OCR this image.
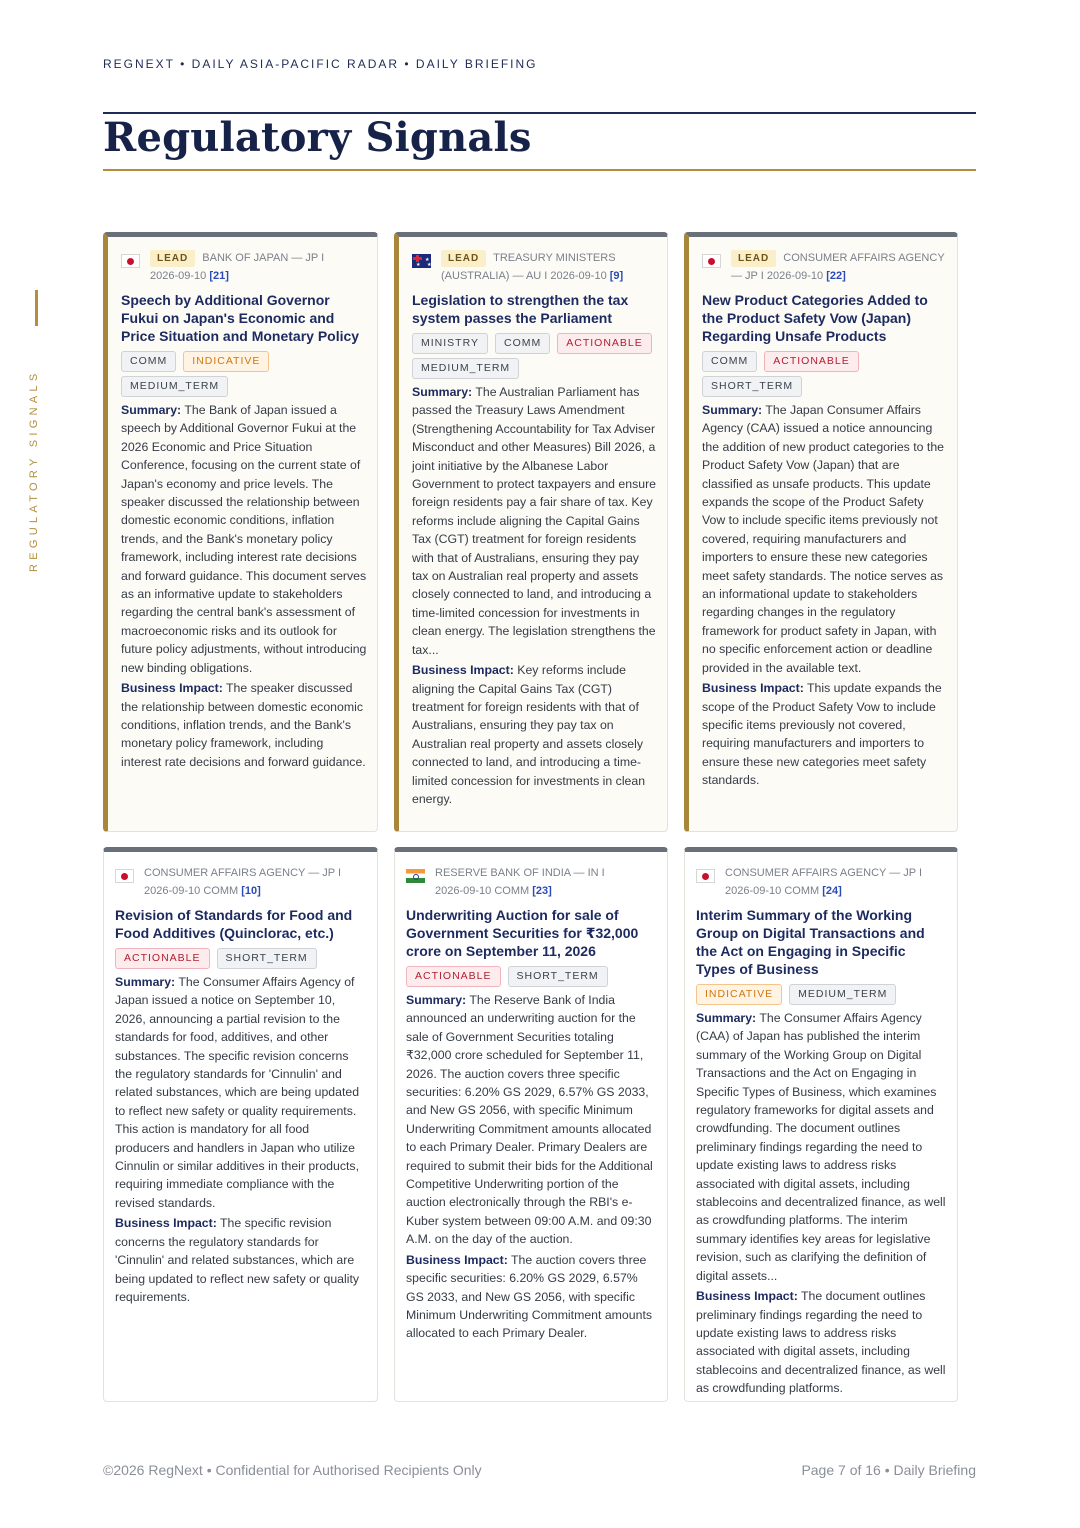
REGNEXT • DAILY ASIA-PACIFIC RADAR • DAILY BRIEFING
Regulatory Signals
REGULATORY SIGNALS
LEAD BANK OF JAPAN — JP I
2026-09-10 [21]
Speech by Additional Governor Fukui on Japan's Economic and Price Situation and Monetary Policy
COMM	INDICATIVE
MEDIUM_TERM

Summary: The Bank of Japan issued a speech by Additional Governor Fukui at the 2026 Economic and Price Situation Conference, focusing on the current state of Japan's economy and price levels. The speaker discussed the relationship between domestic economic conditions, inflation trends, and the Bank's monetary policy framework, including interest rate decisions and forward guidance. This document serves as an informative update to stakeholders regarding the central bank's assessment of macroeconomic risks and its outlook for future policy adjustments, without introducing new binding obligations.

Business Impact: The speaker discussed the relationship between domestic economic conditions, inflation trends, and the Bank's monetary policy framework, including interest rate decisions and forward guidance.

★
★
★
LEAD TREASURY MINISTERS (AUSTRALIA) — AU I 2026-09-10 [9]
Legislation to strengthen the tax system passes the Parliament
MINISTRY	COMM	ACTIONABLE
MEDIUM_TERM

Summary: The Australian Parliament has passed the Treasury Laws Amendment (Strengthening Accountability for Tax Adviser Misconduct and other Measures) Bill 2026, a joint initiative by the Albanese Labor Government to protect taxpayers and ensure foreign residents pay a fair share of tax. Key reforms include aligning the Capital Gains Tax (CGT) treatment for foreign residents with that of Australians, ensuring they pay tax on Australian real property and assets closely connected to land, and introducing a time-limited concession for investments in clean energy. The legislation strengthens the tax...

Business Impact: Key reforms include aligning the Capital Gains Tax (CGT) treatment for foreign residents with that of Australians, ensuring they pay tax on Australian real property and assets closely connected to land, and introducing a time-limited concession for investments in clean energy.

LEAD CONSUMER AFFAIRS AGENCY — JP I 2026-09-10 [22]
New Product Categories Added to the Product Safety Vow (Japan) Regarding Unsafe Products
COMM	ACTIONABLE
SHORT_TERM

Summary: The Japan Consumer Affairs Agency (CAA) issued a notice announcing the addition of new product categories to the Product Safety Vow (Japan) that are classified as unsafe products. This update expands the scope of the Product Safety Vow to include specific items previously not covered, requiring manufacturers and importers to ensure these new categories meet safety standards. The notice serves as an informational update to stakeholders regarding changes in the regulatory framework for product safety in Japan, with no specific enforcement action or deadline provided in the available text.

Business Impact: This update expands the scope of the Product Safety Vow to include specific items previously not covered, requiring manufacturers and importers to ensure these new categories meet safety standards.

CONSUMER AFFAIRS AGENCY — JP I
2026-09-10 COMM [10]
Revision of Standards for Food and Food Additives (Quinclorac, etc.)
ACTIONABLE	SHORT_TERM

Summary: The Consumer Affairs Agency of Japan issued a notice on September 10, 2026, announcing a partial revision to the standards for food, additives, and other substances. The specific revision concerns the regulatory standards for 'Cinnulin' and related substances, which are being updated to reflect new safety or quality requirements. This action is mandatory for all food producers and handlers in Japan who utilize Cinnulin or similar additives in their products, requiring immediate compliance with the revised standards.

Business Impact: The specific revision concerns the regulatory standards for 'Cinnulin' and related substances, which are being updated to reflect new safety or quality requirements.

RESERVE BANK OF INDIA — IN I
2026-09-10 COMM [23]
Underwriting Auction for sale of Government Securities for ₹32,000 crore on September 11, 2026
ACTIONABLE	SHORT_TERM

Summary: The Reserve Bank of India announced an underwriting auction for the sale of Government Securities totaling ₹32,000 crore scheduled for September 11, 2026. The auction covers three specific securities: 6.20% GS 2029, 6.57% GS 2033, and New GS 2056, with specific Minimum Underwriting Commitment amounts allocated to each Primary Dealer. Primary Dealers are required to submit their bids for the Additional Competitive Underwriting portion of the auction electronically through the RBI's e-Kuber system between 09:00 A.M. and 09:30 A.M. on the day of the auction.

Business Impact: The auction covers three specific securities: 6.20% GS 2029, 6.57% GS 2033, and New GS 2056, with specific Minimum Underwriting Commitment amounts allocated to each Primary Dealer.

CONSUMER AFFAIRS AGENCY — JP I
2026-09-10 COMM [24]
Interim Summary of the Working Group on Digital Transactions and the Act on Engaging in Specific Types of Business
INDICATIVE	MEDIUM_TERM

Summary: The Consumer Affairs Agency (CAA) of Japan has published the interim summary of the Working Group on Digital Transactions and the Act on Engaging in Specific Types of Business, which examines regulatory frameworks for digital assets and crowdfunding. The document outlines preliminary findings regarding the need to update existing laws to address risks associated with digital assets, including stablecoins and decentralized finance, as well as crowdfunding platforms. The interim summary identifies key areas for legislative revision, such as clarifying the definition of digital assets...

Business Impact: The document outlines preliminary findings regarding the need to update existing laws to address risks associated with digital assets, including stablecoins and decentralized finance, as well as crowdfunding platforms.

©2026 RegNext • Confidential for Authorised Recipients Only	Page 7 of 16 • Daily Briefing
